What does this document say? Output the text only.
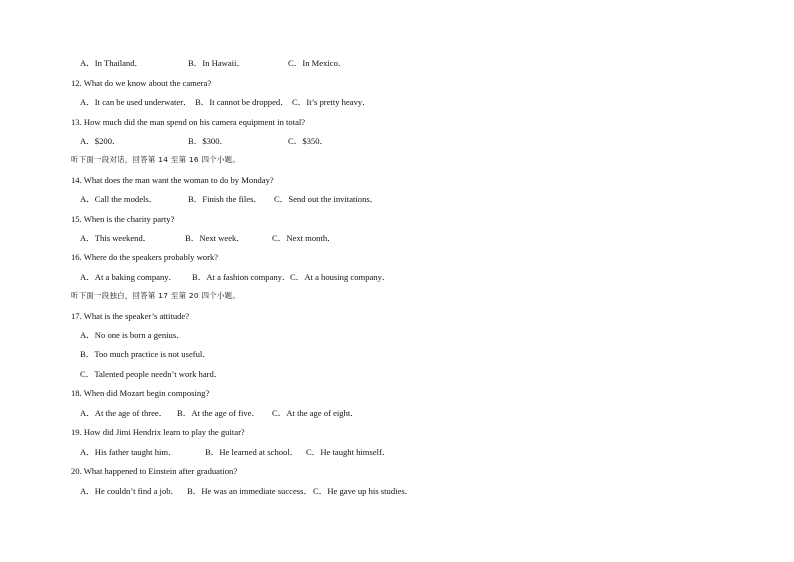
A．In Thailand．	B．In Hawaii．	C．In Mexico．
12. What do we know about the camera?
A．It can be used underwater． B．It cannot be dropped． C．It’s pretty heavy．
13. How much did the man spend on his camera equipment in total?
A．$200．	B．$300．	C．$350．
听下面一段对话，回答第 14 至第 16 四个小题。
14. What does the man want the woman to do by Monday?
A．Call the models．	B．Finish the files． C．Send out the invitations．
15. When is the charity party?
A．This weekend．	B．Next week．	C．Next month．
16. Where do the speakers probably work?
A．At a baking company． B．At a fashion company． C．At a housing company．
听下面一段独白，回答第 17 至第 20 四个小题。
17. What is the speaker’s attitude?
A．No one is born a genius．
B．Too much practice is not useful．
C．Talented people needn’t work hard．
18. When did Mozart begin composing?
A．At the age of three． B．At the age of five． C．At the age of eight．
19. How did Jimi Hendrix learn to play the guitar?
A．His father taught him．	B．He learned at school． C．He taught himself．
20. What happened to Einstein after graduation?
A．He couldn’t find a job． B．He was an immediate success． C．He gave up his studies．
